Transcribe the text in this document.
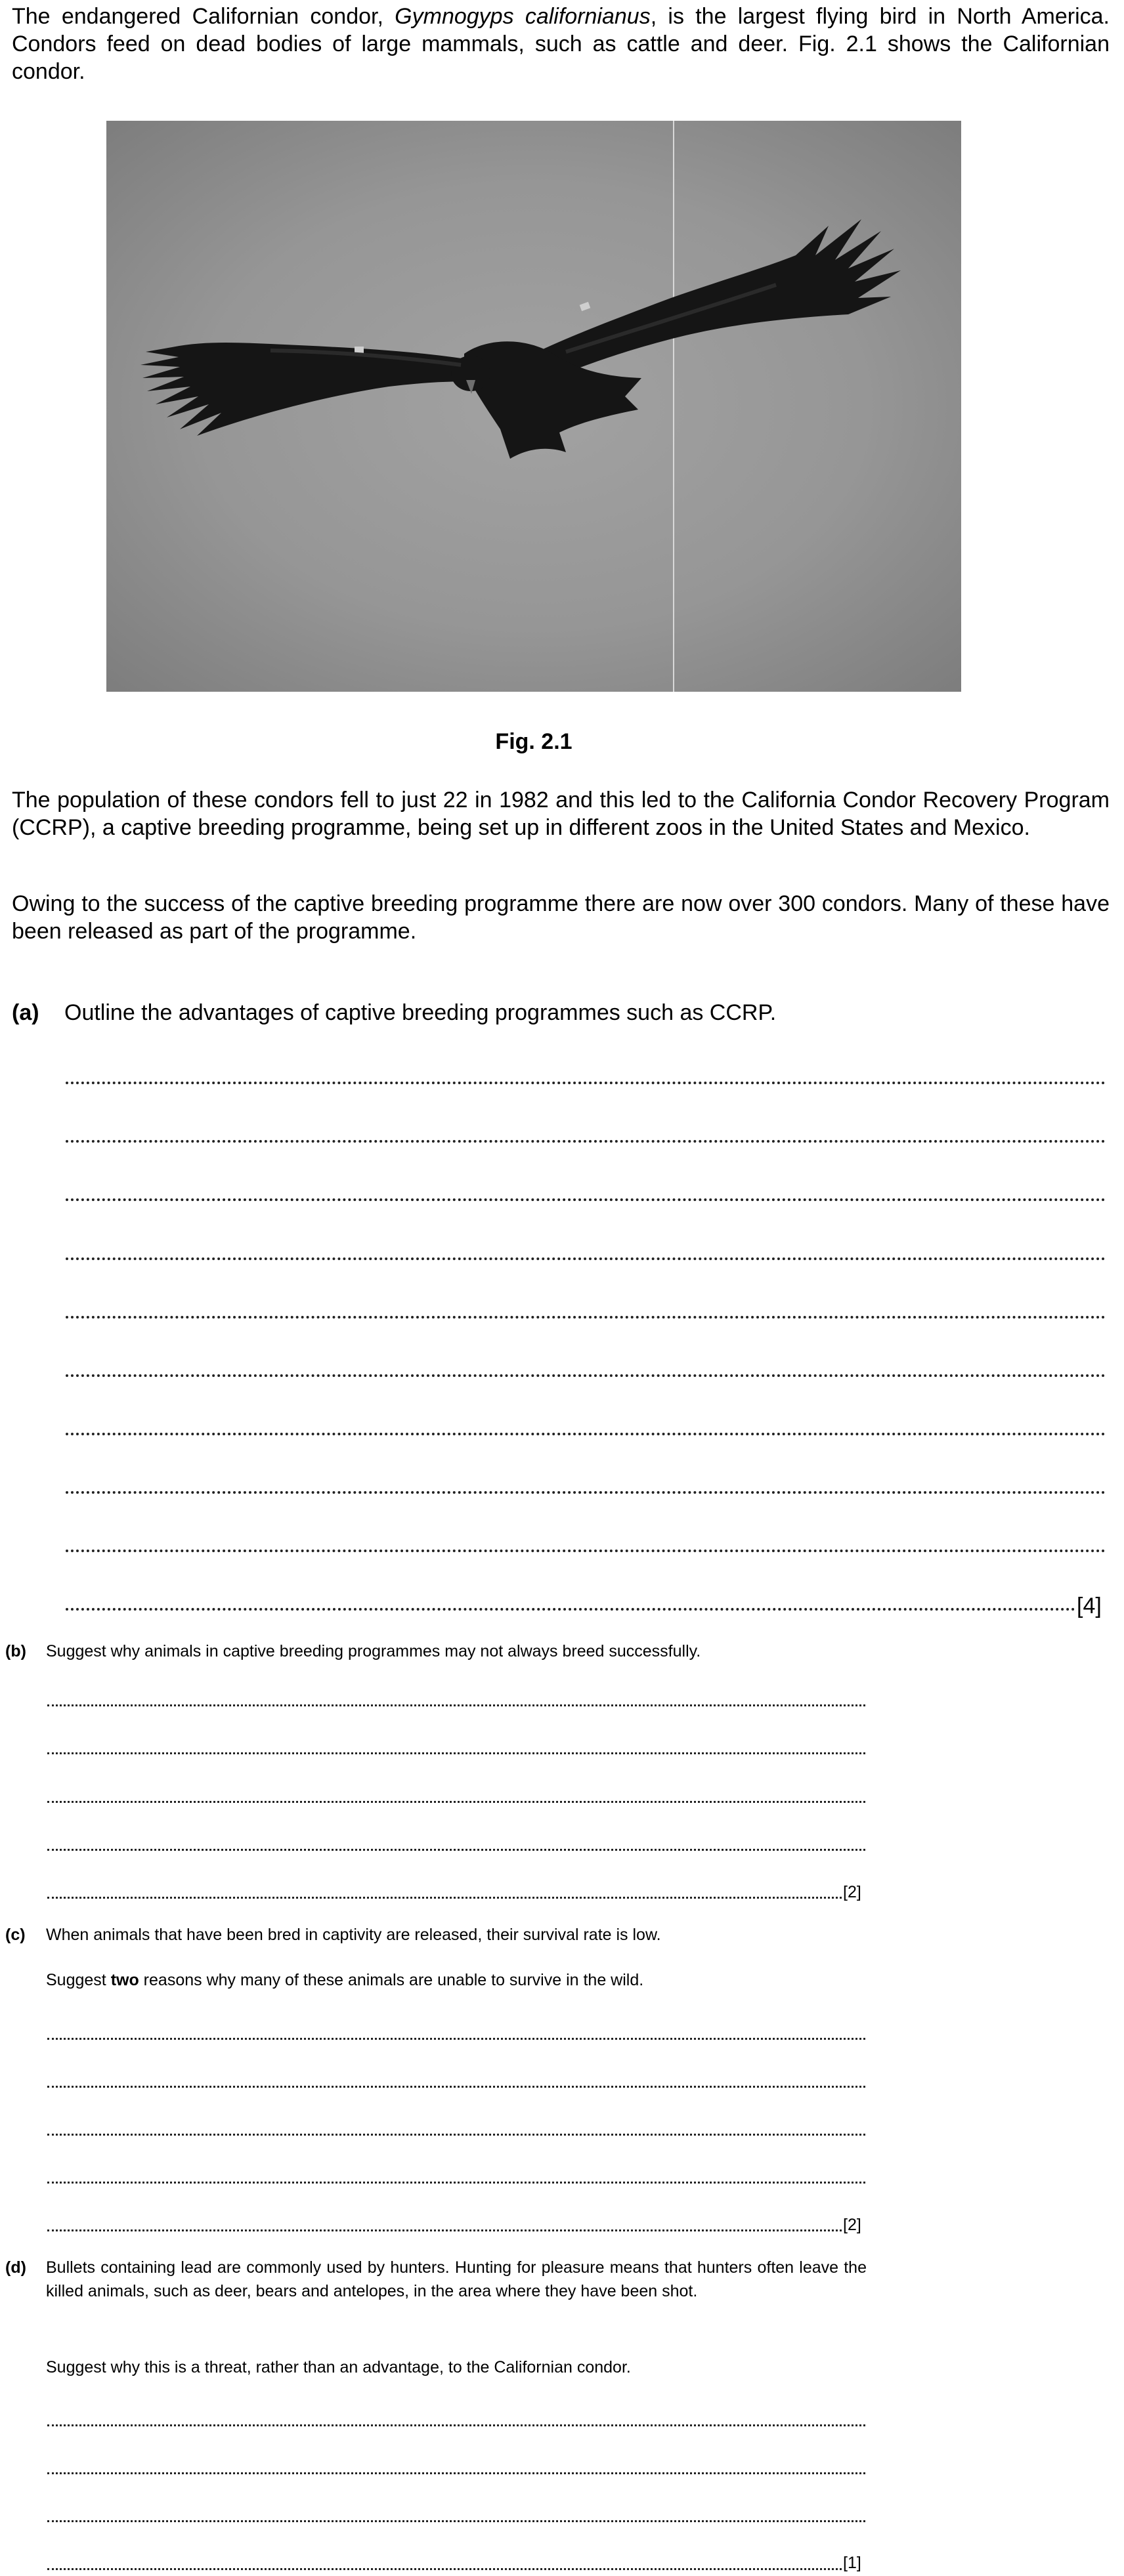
The endangered Californian condor, Gymnogyps californianus, is the largest flying bird in North America. Condors feed on dead bodies of large mammals, such as cattle and deer. Fig. 2.1 shows the Californian condor.

Fig. 2.1

The population of these condors fell to just 22 in 1982 and this led to the California Condor Recovery Program (CCRP), a captive breeding programme, being set up in different zoos in the United States and Mexico.

Owing to the success of the captive breeding programme there are now over 300 condors. Many of these have been released as part of the programme.

(a) Outline the advantages of captive breeding programmes such as CCRP.
[4]
(b) Suggest why animals in captive breeding programmes may not always breed successfully.
[2]
(c) When animals that have been bred in captivity are released, their survival rate is low.
Suggest two reasons why many of these animals are unable to survive in the wild.
[2]
(d) Bullets containing lead are commonly used by hunters. Hunting for pleasure means that hunters often leave the killed animals, such as deer, bears and antelopes, in the area where they have been shot.
Suggest why this is a threat, rather than an advantage, to the Californian condor.
[1]
